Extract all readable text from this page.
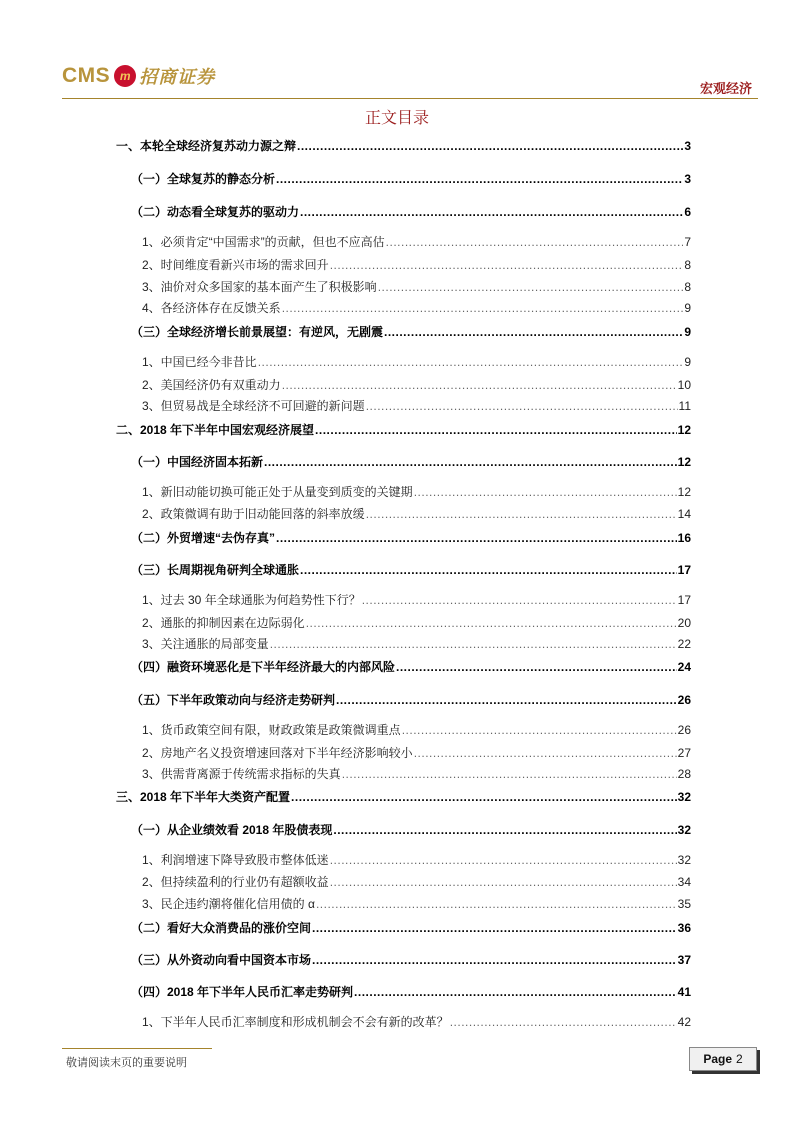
CMS m 招商证券
宏观经济
正文目录
一、本轮全球经济复苏动力源之辩 .....	3
（一）全球复苏的静态分析 .....	3
（二）动态看全球复苏的驱动力 .....	6
1、必须肯定“中国需求”的贡献，但也不应高估 .....	7
2、时间维度看新兴市场的需求回升 .....	8
3、油价对众多国家的基本面产生了积极影响 .....	8
4、各经济体存在反馈关系 .....	9
（三）全球经济增长前景展望：有逆风，无剧震 .....	9
1、中国已经今非昔比 .....	9
2、美国经济仍有双重动力 .....	10
3、但贸易战是全球经济不可回避的新问题 .....	11
二、2018 年下半年中国宏观经济展望 .....	12
（一）中国经济固本拓新 .....	12
1、新旧动能切换可能正处于从量变到质变的关键期 .....	12
2、政策微调有助于旧动能回落的斜率放缓 .....	14
（二）外贸增速“去伪存真” .....	16
（三）长周期视角研判全球通胀 .....	17
1、过去 30 年全球通胀为何趋势性下行？ .....	17
2、通胀的抑制因素在边际弱化 .....	20
3、关注通胀的局部变量 .....	22
（四）融资环境恶化是下半年经济最大的内部风险 .....	24
（五）下半年政策动向与经济走势研判 .....	26
1、货币政策空间有限，财政政策是政策微调重点 .....	26
2、房地产名义投资增速回落对下半年经济影响较小 .....	27
3、供需背离源于传统需求指标的失真 .....	28
三、2018 年下半年大类资产配置 .....	32
（一）从企业绩效看 2018 年股债表现 .....	32
1、利润增速下降导致股市整体低迷 .....	32
2、但持续盈利的行业仍有超额收益 .....	34
3、民企违约潮将催化信用债的 α .....	35
（二）看好大众消费品的涨价空间 .....	36
（三）从外资动向看中国资本市场 .....	37
（四）2018 年下半年人民币汇率走势研判 .....	41
1、下半年人民币汇率制度和形成机制会不会有新的改革？ .....	42
敬请阅读末页的重要说明	Page 2
